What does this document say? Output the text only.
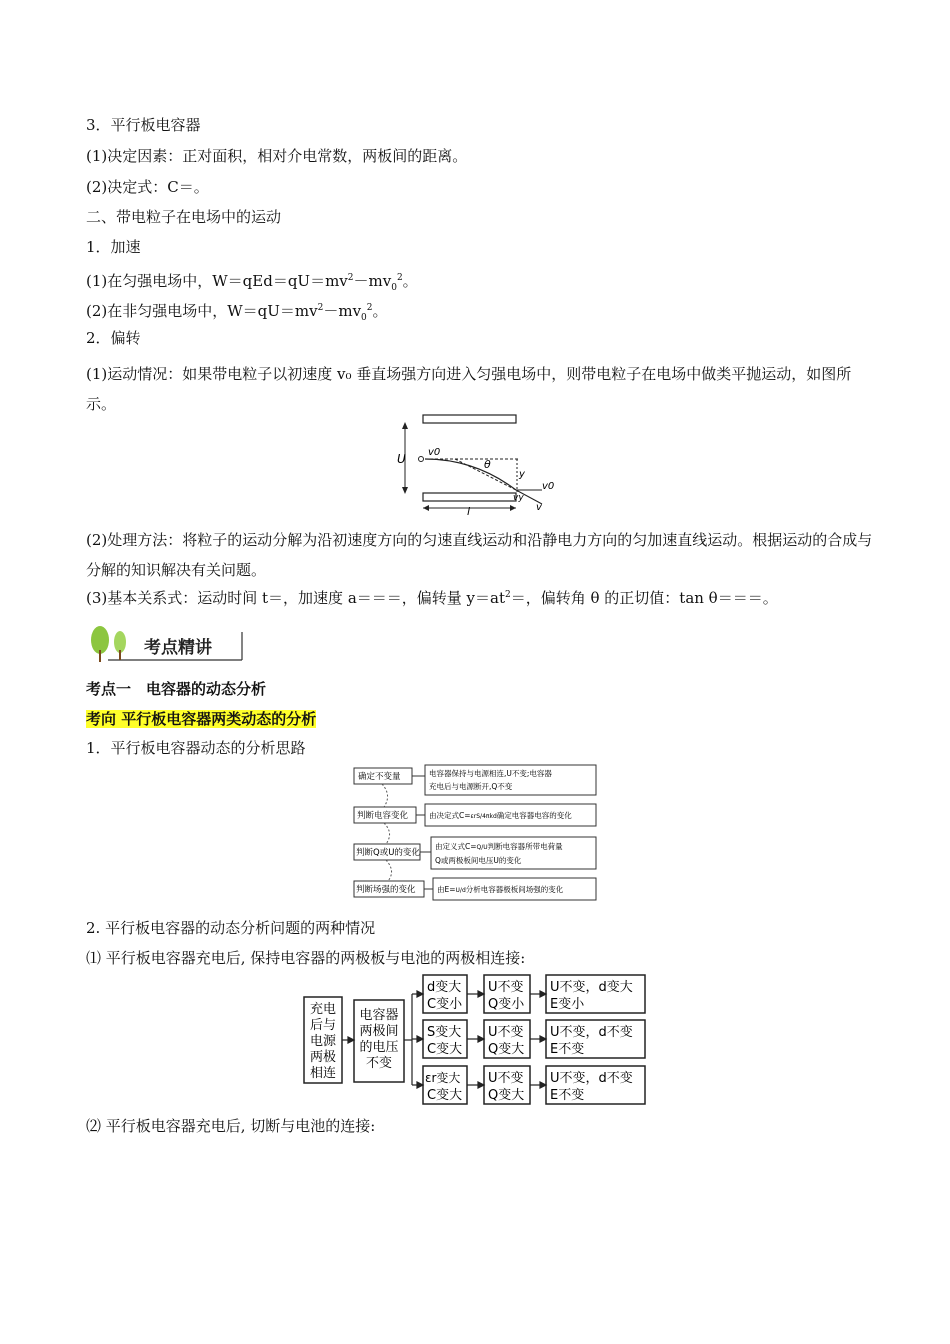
3．平行板电容器
(1)决定因素：正对面积，相对介电常数，两板间的距离。
(2)决定式：C＝。
二、带电粒子在电场中的运动
1．加速
(1)在匀强电场中，$W=qEd=qU=mv^2-mv_0^2$。
(2)在非匀强电场中，$W=qU=mv^2-mv_0^2$。
2．偏转
(1)运动情况：如果带电粒子以初速度 v₀ 垂直场强方向进入匀强电场中，则带电粒子在电场中做类平抛运动，如图所示。
U v0
θ
y
v0
vy
v
l
(2)处理方法：将粒子的运动分解为沿初速度方向的匀速直线运动和沿静电力方向的匀加速直线运动。根据运动的合成与分解的知识解决有关问题。
(3)基本关系式：运动时间 t＝，加速度 a＝＝＝，偏转量 $y=at^2=$，偏转角 θ 的正切值：tan θ＝＝＝。
考点精讲
考点一　电容器的动态分析
考向 平行板电容器两类动态的分析
1．平行板电容器动态的分析思路
确定不变量
判断电容变化
判断Q或U的变化
判断场强的变化
电容器保持与电源相连,U不变;电容器
充电后与电源断开,Q不变
由决定式C=εrS/4πkd确定电容器电容的变化
由定义式C=Q/U判断电容器所带电荷量
Q或两极板间电压U的变化
由E=U/d分析电容器极板间场强的变化
2. 平行板电容器的动态分析问题的两种情况
⑴ 平行板电容器充电后, 保持电容器的两极板与电池的两极相连接:
充电
后与
电源
两极
相连
电容器
两极间
的电压
不变
d变大
C变小
S变大
C变大
εr变大
C变大
U不变
Q变小
U不变
Q变大
U不变
Q变大
U不变，d变大
E变小
U不变，d不变
E不变
U不变，d不变
E不变
⑵ 平行板电容器充电后, 切断与电池的连接:
